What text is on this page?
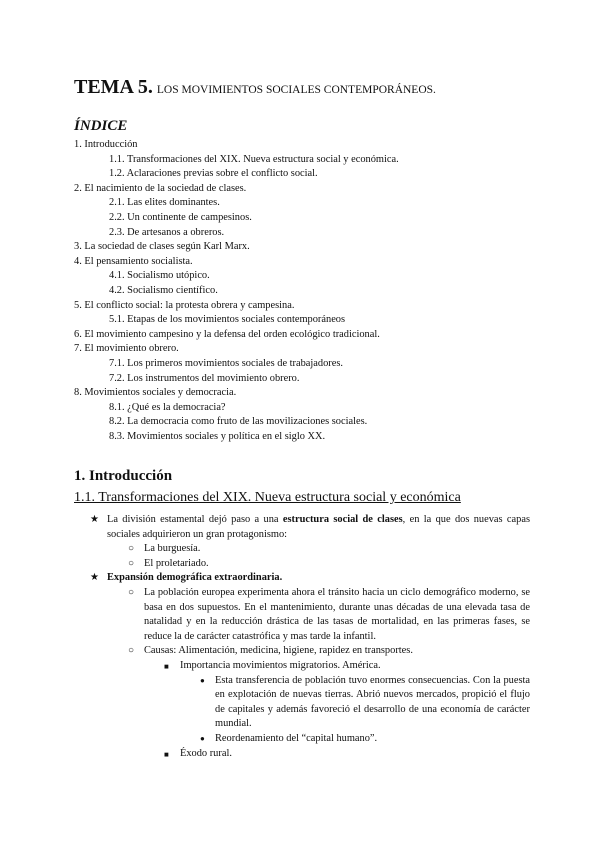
TEMA 5. LOS MOVIMIENTOS SOCIALES CONTEMPORÁNEOS.
ÍNDICE
1. Introducción
1.1. Transformaciones del XIX. Nueva estructura social y económica.
1.2. Aclaraciones previas sobre el conflicto social.
2. El nacimiento de la sociedad de clases.
2.1. Las elites dominantes.
2.2. Un continente de campesinos.
2.3. De artesanos a obreros.
3. La sociedad de clases según Karl Marx.
4. El pensamiento socialista.
4.1. Socialismo utópico.
4.2. Socialismo científico.
5. El conflicto social: la protesta obrera y campesina.
5.1. Etapas de los movimientos sociales contemporáneos
6. El movimiento campesino y la defensa del orden ecológico tradicional.
7. El movimiento obrero.
7.1. Los primeros movimientos sociales de trabajadores.
7.2. Los instrumentos del movimiento obrero.
8. Movimientos sociales y democracia.
8.1. ¿Qué es la democracia?
8.2. La democracia como fruto de las movilizaciones sociales.
8.3. Movimientos sociales y política en el siglo XX.
1. Introducción
1.1. Transformaciones del XIX. Nueva estructura social y económica
★ La división estamental dejó paso a una estructura social de clases, en la que dos nuevas capas sociales adquirieron un gran protagonismo:
○ La burguesía.
○ El proletariado.
★ Expansión demográfica extraordinaria.
○ La población europea experimenta ahora el tránsito hacia un ciclo demográfico moderno, se basa en dos supuestos. En el mantenimiento, durante unas décadas de una elevada tasa de natalidad y en la reducción drástica de las tasas de mortalidad, en las primeras fases, se reduce la de carácter catastrófica y mas tarde la infantil.
○ Causas: Alimentación, medicina, higiene, rapidez en transportes.
■ Importancia movimientos migratorios. América.
● Esta transferencia de población tuvo enormes consecuencias. Con la puesta en explotación de nuevas tierras. Abrió nuevos mercados, propició el flujo de capitales y además favoreció el desarrollo de una economía de carácter mundial.
● Reordenamiento del “capital humano”.
■ Éxodo rural.
